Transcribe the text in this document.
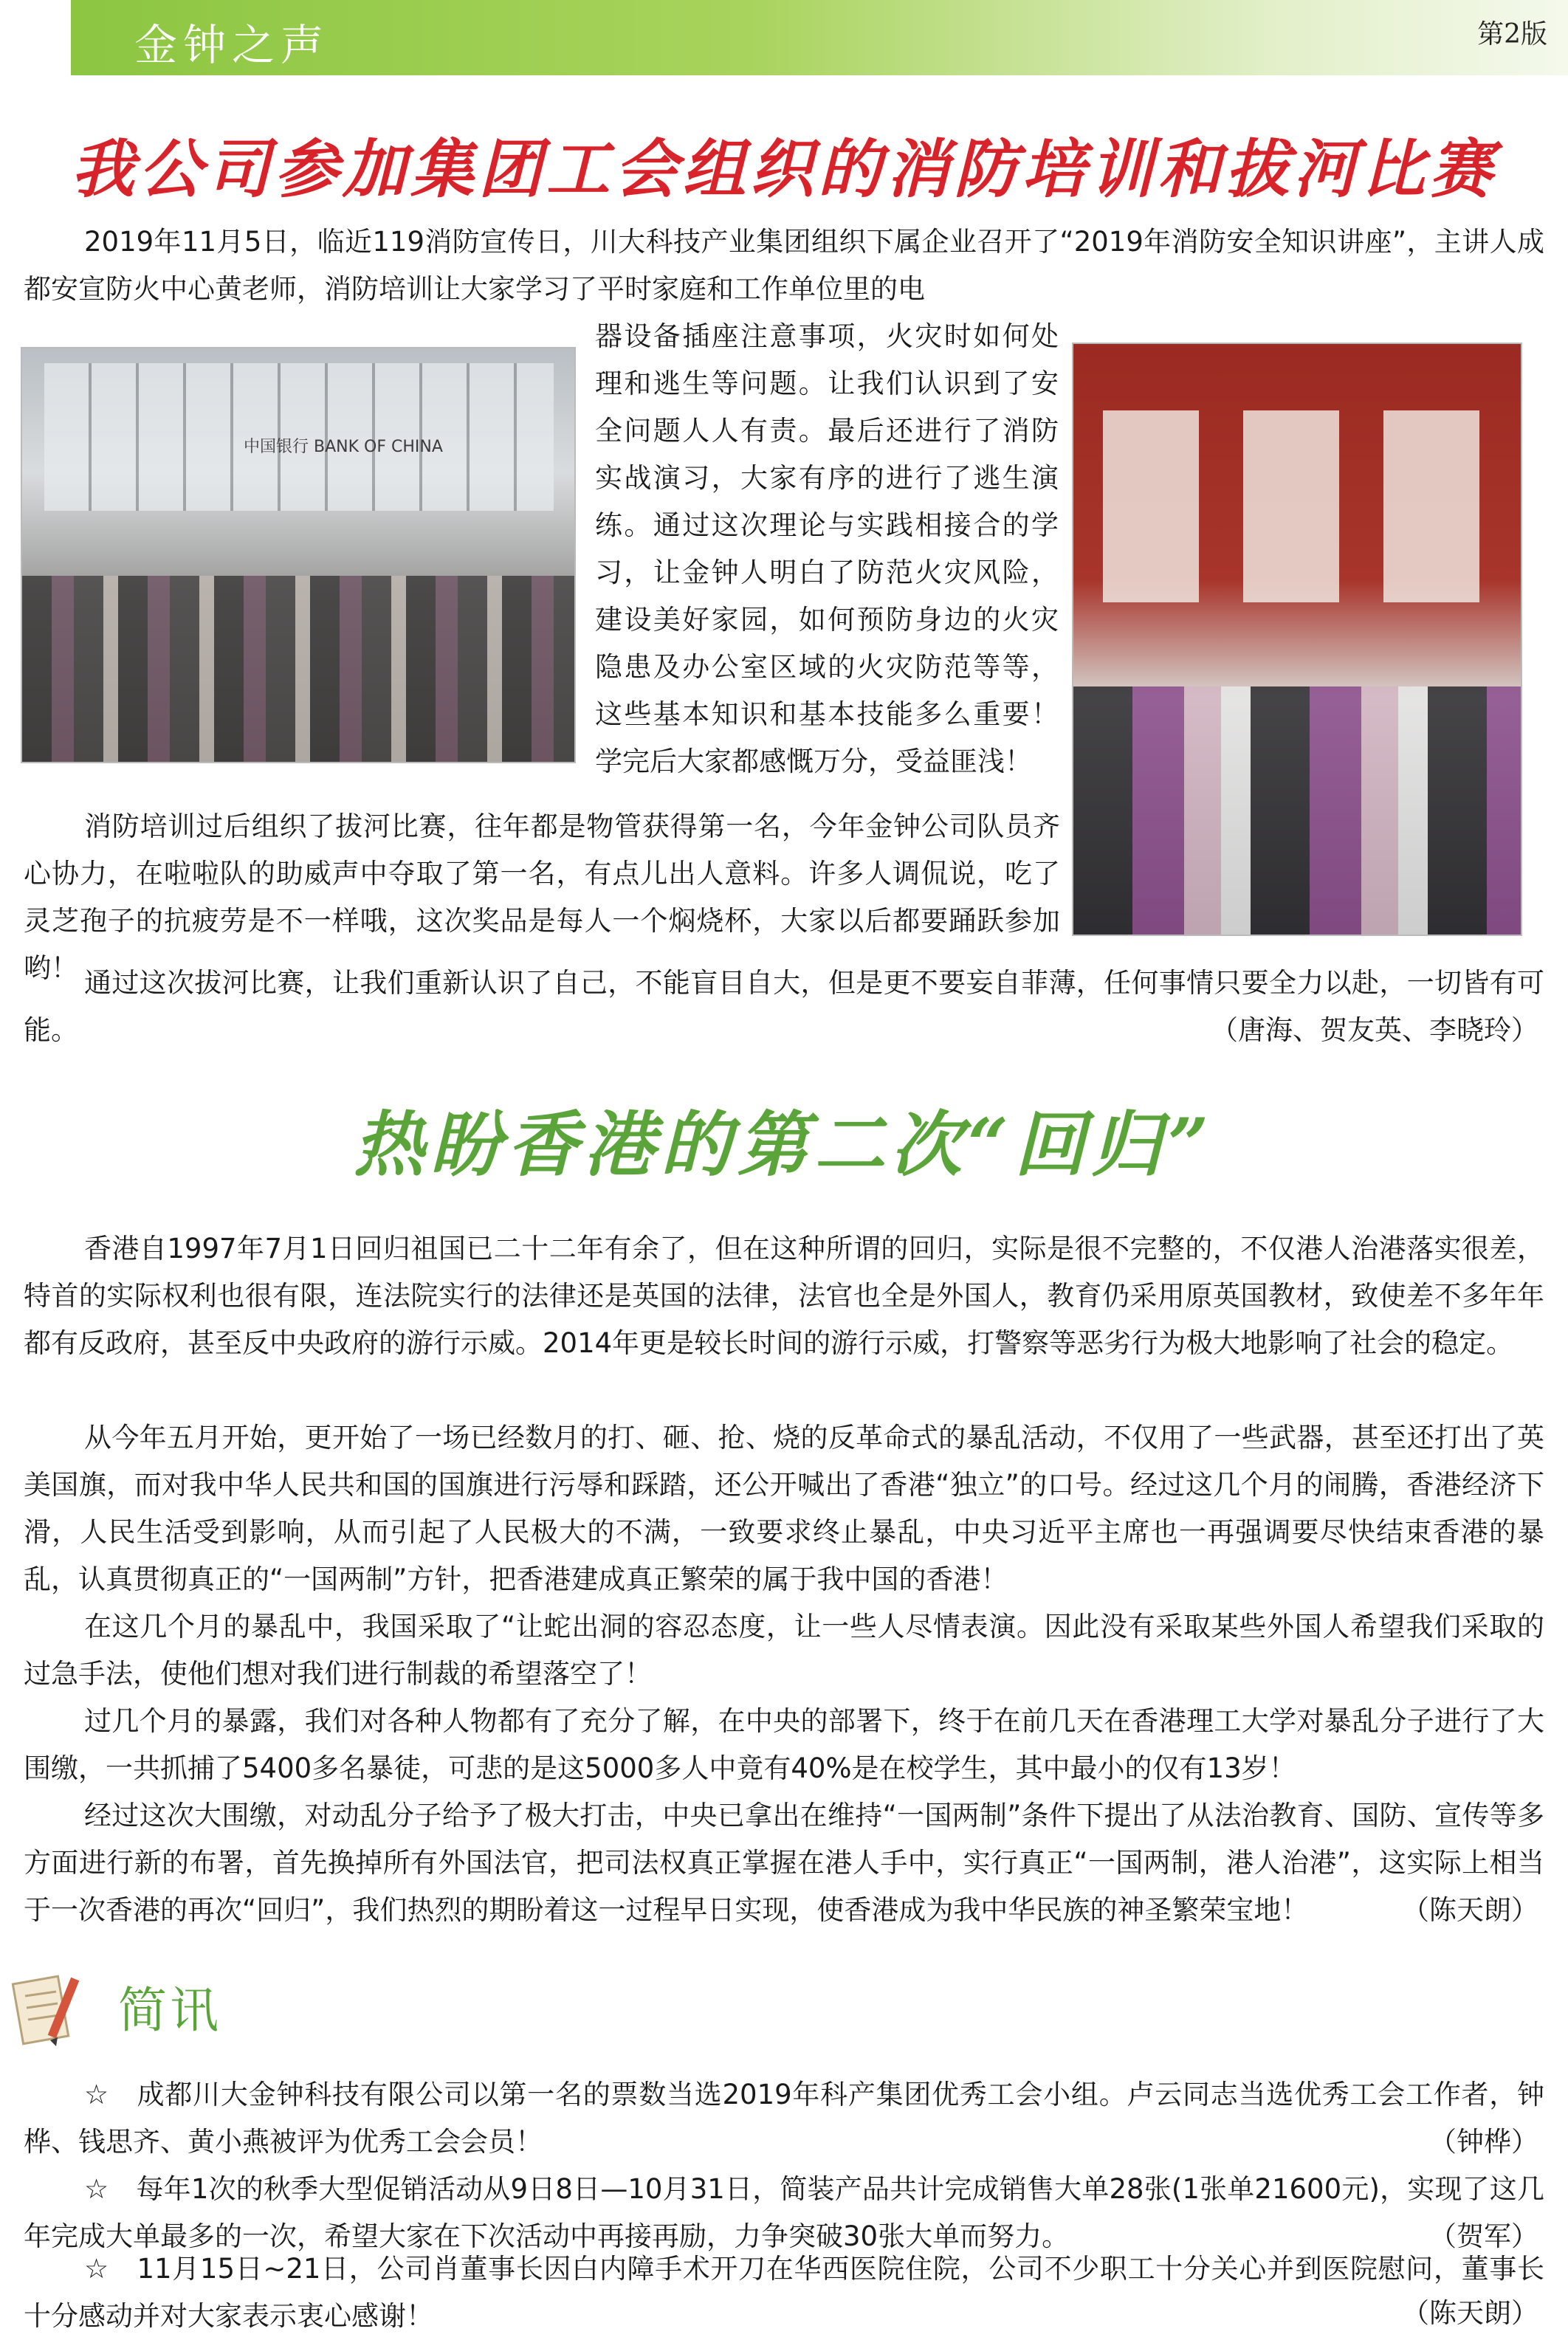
金钟之声	第2版
我公司参加集团工会组织的消防培训和拔河比赛

2019年11月5日，临近119消防宣传日，川大科技产业集团组织下属企业召开了“2019年消防安全知识讲座”，主讲人成都安宣防火中心黄老师，消防培训让大家学习了平时家庭和工作单位里的电

中国银行 BANK OF CHINA

器设备插座注意事项，火灾时如何处理和逃生等问题。让我们认识到了安全问题人人有责。最后还进行了消防实战演习，大家有序的进行了逃生演练。通过这次理论与实践相接合的学习，让金钟人明白了防范火灾风险，建设美好家园，如何预防身边的火灾隐患及办公室区域的火灾防范等等，这些基本知识和基本技能多么重要！学完后大家都感慨万分，受益匪浅！

消防培训过后组织了拔河比赛，往年都是物管获得第一名，今年金钟公司队员齐心协力，在啦啦队的助威声中夺取了第一名，有点儿出人意料。许多人调侃说，吃了灵芝孢子的抗疲劳是不一样哦，这次奖品是每人一个焖烧杯，大家以后都要踊跃参加哟！ 通过这次拔河比赛，让我们重新认识了自己，不能盲目自大，但是更不要妄自菲薄，任何事情只要全力以赴，一切皆有可能。	（唐海、贺友英、李晓玲）
热盼香港的第二次“回归”

香港自1997年7月1日回归祖国已二十二年有余了，但在这种所谓的回归，实际是很不完整的，不仅港人治港落实很差，特首的实际权利也很有限，连法院实行的法律还是英国的法律，法官也全是外国人，教育仍采用原英国教材，致使差不多年年都有反政府，甚至反中央政府的游行示威。2014年更是较长时间的游行示威，打警察等恶劣行为极大地影响了社会的稳定。

从今年五月开始，更开始了一场已经数月的打、砸、抢、烧的反革命式的暴乱活动，不仅用了一些武器，甚至还打出了英美国旗，而对我中华人民共和国的国旗进行污辱和踩踏，还公开喊出了香港“独立”的口号。经过这几个月的闹腾，香港经济下滑，人民生活受到影响，从而引起了人民极大的不满，一致要求终止暴乱，中央习近平主席也一再强调要尽快结束香港的暴乱，认真贯彻真正的“一国两制”方针，把香港建成真正繁荣的属于我中国的香港！

在这几个月的暴乱中，我国采取了“让蛇出洞的容忍态度，让一些人尽情表演。因此没有采取某些外国人希望我们采取的过急手法，使他们想对我们进行制裁的希望落空了！

过几个月的暴露，我们对各种人物都有了充分了解，在中央的部署下，终于在前几天在香港理工大学对暴乱分子进行了大围缴，一共抓捕了5400多名暴徒，可悲的是这5000多人中竟有40%是在校学生，其中最小的仅有13岁！

经过这次大围缴，对动乱分子给予了极大打击，中央已拿出在维持“一国两制”条件下提出了从法治教育、国防、宣传等多方面进行新的布署，首先换掉所有外国法官，把司法权真正掌握在港人手中，实行真正“一国两制，港人治港”，这实际上相当于一次香港的再次“回归”，我们热烈的期盼着这一过程早日实现，使香港成为我中华民族的神圣繁荣宝地！	（陈天朗）
简讯

☆　成都川大金钟科技有限公司以第一名的票数当选2019年科产集团优秀工会小组。卢云同志当选优秀工会工作者，钟桦、钱思齐、黄小燕被评为优秀工会会员！	（钟桦）

☆　每年1次的秋季大型促销活动从9日8日—10月31日，简装产品共计完成销售大单28张(1张单21600元)，实现了这几年完成大单最多的一次，希望大家在下次活动中再接再励，力争突破30张大单而努力。	（贺军）

☆　11月15日~21日，公司肖董事长因白内障手术开刀在华西医院住院，公司不少职工十分关心并到医院慰问，董事长十分感动并对大家表示衷心感谢！	（陈天朗）
